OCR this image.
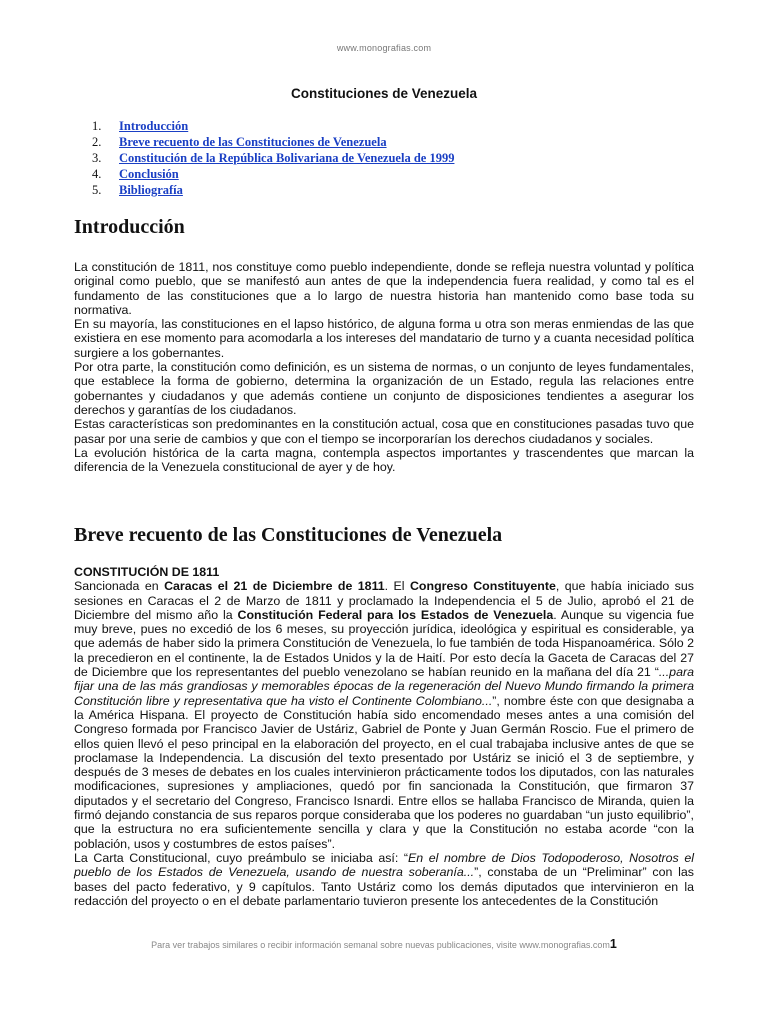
www.monografias.com
Constituciones de Venezuela
1.	Introducción
2.	Breve recuento de las Constituciones de Venezuela
3.	Constitución de la República Bolivariana de Venezuela de 1999
4.	Conclusión
5.	Bibliografía
Introducción

La constitución de 1811, nos constituye como pueblo independiente, donde se refleja nuestra voluntad y política original como pueblo, que se manifestó aun antes de que la independencia fuera realidad, y como tal es el fundamento de las constituciones que a lo largo de nuestra historia han mantenido como base toda su normativa.

En su mayoría, las constituciones en el lapso histórico, de alguna forma u otra son meras enmiendas de las que existiera en ese momento para acomodarla a los intereses del mandatario de turno y a cuanta necesidad política surgiere a los gobernantes.

Por otra parte, la constitución como definición, es un sistema de normas, o un conjunto de leyes fundamentales, que establece la forma de gobierno, determina la organización de un Estado, regula las relaciones entre gobernantes y ciudadanos y que además contiene un conjunto de disposiciones tendientes a asegurar los derechos y garantías de los ciudadanos.

Estas características son predominantes en la constitución actual, cosa que en constituciones pasadas tuvo que pasar por una serie de cambios y que con el tiempo se incorporarían los derechos ciudadanos y sociales.

La evolución histórica de la carta magna, contempla aspectos importantes y trascendentes que marcan la diferencia de la Venezuela constitucional de ayer y de hoy.

Breve recuento de las Constituciones de Venezuela

CONSTITUCIÓN DE 1811

Sancionada en Caracas el 21 de Diciembre de 1811. El Congreso Constituyente, que había iniciado sus sesiones en Caracas el 2 de Marzo de 1811 y proclamado la Independencia el 5 de Julio, aprobó el 21 de Diciembre del mismo año la Constitución Federal para los Estados de Venezuela. Aunque su vigencia fue muy breve, pues no excedió de los 6 meses, su proyección jurídica, ideológica y espiritual es considerable, ya que además de haber sido la primera Constitución de Venezuela, lo fue también de toda Hispanoamérica. Sólo 2 la precedieron en el continente, la de Estados Unidos y la de Haití. Por esto decía la Gaceta de Caracas del 27 de Diciembre que los representantes del pueblo venezolano se habían reunido en la mañana del día 21 “...para fijar una de las más grandiosas y memorables épocas de la regeneración del Nuevo Mundo firmando la primera Constitución libre y representativa que ha visto el Continente Colombiano...”, nombre éste con que designaba a la América Hispana. El proyecto de Constitución había sido encomendado meses antes a una comisión del Congreso formada por Francisco Javier de Ustáriz, Gabriel de Ponte y Juan Germán Roscio. Fue el primero de ellos quien llevó el peso principal en la elaboración del proyecto, en el cual trabajaba inclusive antes de que se proclamase la Independencia. La discusión del texto presentado por Ustáriz se inició el 3 de septiembre, y después de 3 meses de debates en los cuales intervinieron prácticamente todos los diputados, con las naturales modificaciones, supresiones y ampliaciones, quedó por fin sancionada la Constitución, que firmaron 37 diputados y el secretario del Congreso, Francisco Isnardi. Entre ellos se hallaba Francisco de Miranda, quien la firmó dejando constancia de sus reparos porque consideraba que los poderes no guardaban “un justo equilibrio”, que la estructura no era suficientemente sencilla y clara y que la Constitución no estaba acorde “con la población, usos y costumbres de estos países”.

La Carta Constitucional, cuyo preámbulo se iniciaba así: “En el nombre de Dios Todopoderoso, Nosotros el pueblo de los Estados de Venezuela, usando de nuestra soberanía...”, constaba de un “Preliminar” con las bases del pacto federativo, y 9 capítulos. Tanto Ustáriz como los demás diputados que intervinieron en la redacción del proyecto o en el debate parlamentario tuvieron presente los antecedentes de la Constitución

Para ver trabajos similares o recibir información semanal sobre nuevas publicaciones, visite www.monografias.com1
